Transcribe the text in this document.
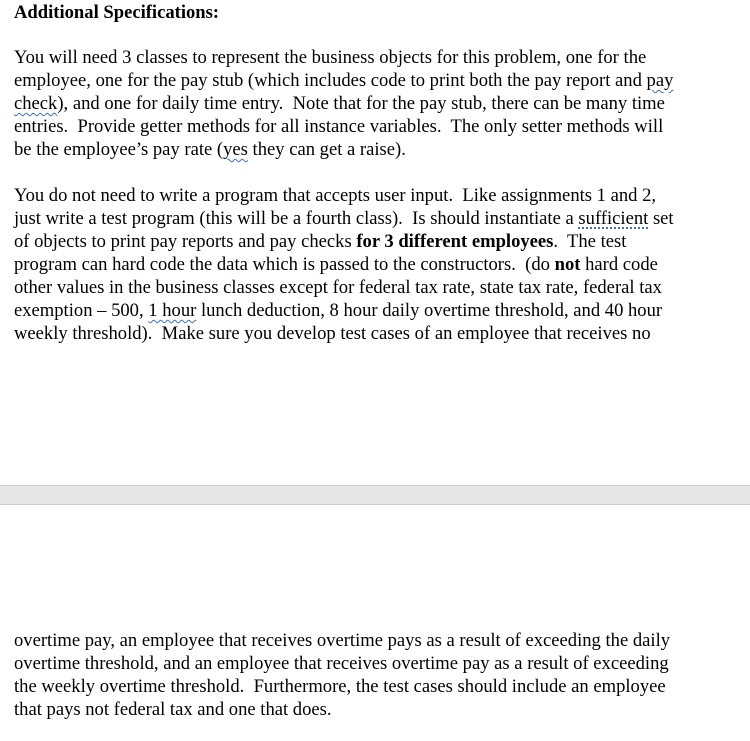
Additional Specifications:

You will need 3 classes to represent the business objects for this problem, one for the
employee, one for the pay stub (which includes code to print both the pay report and pay
check), and one for daily time entry.  Note that for the pay stub, there can be many time
entries.  Provide getter methods for all instance variables.  The only setter methods will
be the employee’s pay rate (yes they can get a raise).
You do not need to write a program that accepts user input.  Like assignments 1 and 2,
just write a test program (this will be a fourth class).  Is should instantiate a sufficient set
of objects to print pay reports and pay checks for 3 different employees.  The test
program can hard code the data which is passed to the constructors.  (do not hard code
other values in the business classes except for federal tax rate, state tax rate, federal tax
exemption – 500, 1 hour lunch deduction, 8 hour daily overtime threshold, and 40 hour
weekly threshold).  Make sure you develop test cases of an employee that receives no
overtime pay, an employee that receives overtime pays as a result of exceeding the daily
overtime threshold, and an employee that receives overtime pay as a result of exceeding
the weekly overtime threshold.  Furthermore, the test cases should include an employee
that pays not federal tax and one that does.
